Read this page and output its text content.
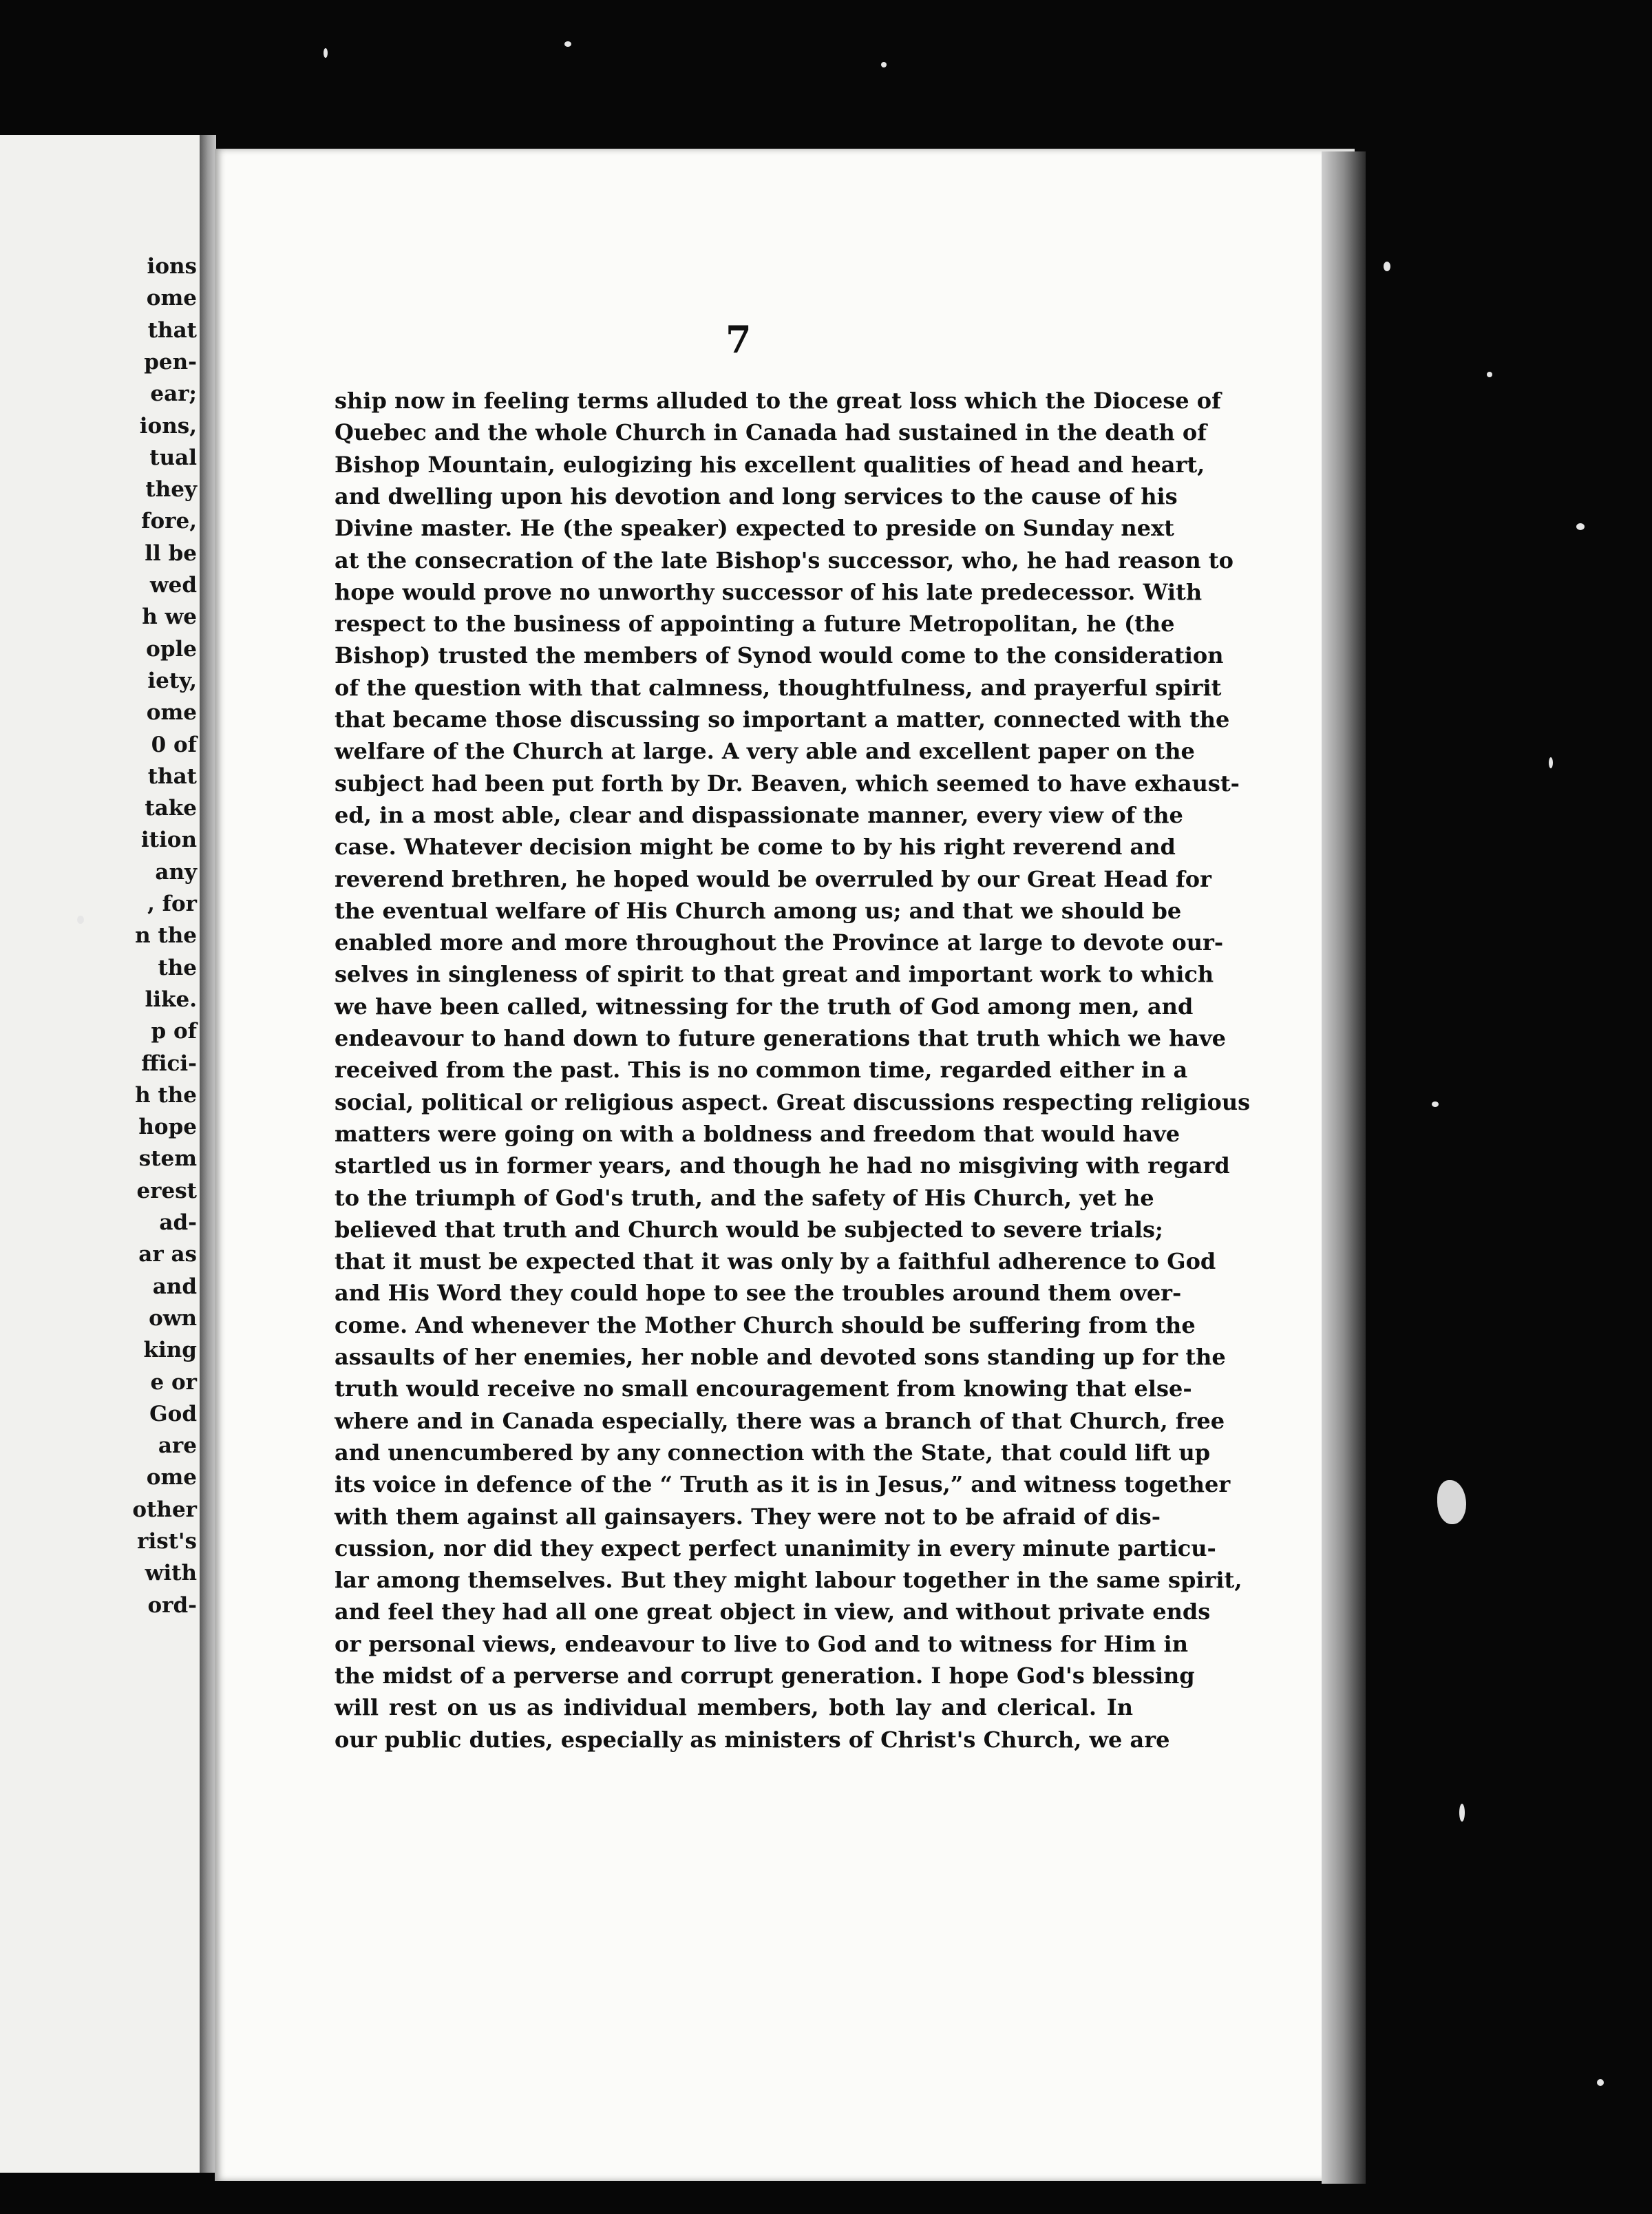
ions
ome
that
pen-
ear;
ions,
tual
they
fore,
ll be
wed
h we
ople
iety,
ome
0 of
that
take
ition
any
, for
n the
the
like.
p of
ffici-
h the
hope
stem
erest
ad-
ar as
and
own
king
e or
God
are
ome
other
rist's
with
ord-
7
ship now in feeling terms alluded to the great loss which the Diocese of
Quebec and the whole Church in Canada had sustained in the death of
Bishop Mountain, eulogizing his excellent qualities of head and heart,
and dwelling upon his devotion and long services to the cause of his
Divine master. He (the speaker) expected to preside on Sunday next
at the consecration of the late Bishop's successor, who, he had reason to
hope would prove no unworthy successor of his late predecessor. With
respect to the business of appointing a future Metropolitan, he (the
Bishop) trusted the members of Synod would come to the consideration
of the question with that calmness, thoughtfulness, and prayerful spirit
that became those discussing so important a matter, connected with the
welfare of the Church at large. A very able and excellent paper on the
subject had been put forth by Dr. Beaven, which seemed to have exhaust-
ed, in a most able, clear and dispassionate manner, every view of the
case. Whatever decision might be come to by his right reverend and
reverend brethren, he hoped would be overruled by our Great Head for
the eventual welfare of His Church among us; and that we should be
enabled more and more throughout the Province at large to devote our-
selves in singleness of spirit to that great and important work to which
we have been called, witnessing for the truth of God among men, and
endeavour to hand down to future generations that truth which we have
received from the past. This is no common time, regarded either in a
social, political or religious aspect. Great discussions respecting religious
matters were going on with a boldness and freedom that would have
startled us in former years, and though he had no misgiving with regard
to the triumph of God's truth, and the safety of His Church, yet he
believed that truth and Church would be subjected to severe trials;
that it must be expected that it was only by a faithful adherence to God
and His Word they could hope to see the troubles around them over-
come. And whenever the Mother Church should be suffering from the
assaults of her enemies, her noble and devoted sons standing up for the
truth would receive no small encouragement from knowing that else-
where and in Canada especially, there was a branch of that Church, free
and unencumbered by any connection with the State, that could lift up
its voice in defence of the “ Truth as it is in Jesus,” and witness together
with them against all gainsayers. They were not to be afraid of dis-
cussion, nor did they expect perfect unanimity in every minute particu-
lar among themselves. But they might labour together in the same spirit,
and feel they had all one great object in view, and without private ends
or personal views, endeavour to live to God and to witness for Him in
the midst of a perverse and corrupt generation. I hope God's blessing
will rest on us as individual members, both lay and clerical. In
our public duties, especially as ministers of Christ's Church, we are
